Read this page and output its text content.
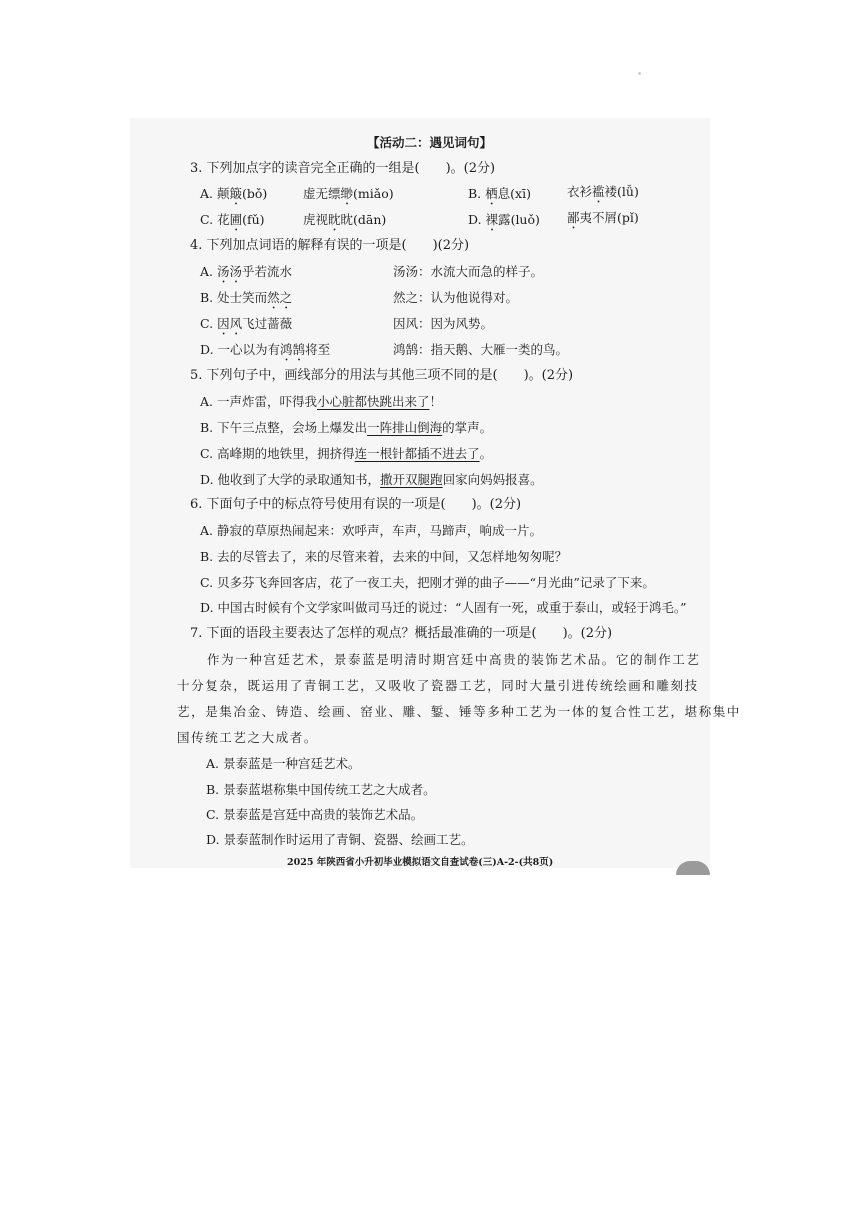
【活动二：遇见词句】
3. 下列加点字的读音完全正确的一组是(　　)。(2分)
A. 颠簸(bǒ)	虚无缥缈(miǎo)	B. 栖息(xī)	衣衫褴褛(lǚ)
C. 花圃(fǔ)	虎视眈眈(dān)	D. 裸露(luǒ) 鄙夷不屑(pǐ)
4. 下列加点词语的解释有误的一项是(　　)(2分)
A. 汤汤乎若流水	汤汤：水流大而急的样子。
B. 处士笑而然之	然之：认为他说得对。
C. 因风飞过蔷薇	因风：因为风势。
D. 一心以为有鸿鹄将至	鸿鹄：指天鹅、大雁一类的鸟。
5. 下列句子中，画线部分的用法与其他三项不同的是(　　)。(2分)
A. 一声炸雷，吓得我小心脏都快跳出来了！
B. 下午三点整，会场上爆发出一阵排山倒海的掌声。
C. 高峰期的地铁里，拥挤得连一根针都插不进去了。
D. 他收到了大学的录取通知书，撒开双腿跑回家向妈妈报喜。
6. 下面句子中的标点符号使用有误的一项是(　　)。(2分)
A. 静寂的草原热闹起来：欢呼声，车声，马蹄声，响成一片。
B. 去的尽管去了，来的尽管来着，去来的中间，又怎样地匆匆呢？
C. 贝多芬飞奔回客店，花了一夜工夫，把刚才弹的曲子——“月光曲”记录了下来。
D. 中国古时候有个文学家叫做司马迁的说过：“人固有一死，或重于泰山，或轻于鸿毛。”
7. 下面的语段主要表达了怎样的观点？概括最准确的一项是(　　)。(2分)
作为一种宫廷艺术，景泰蓝是明清时期宫廷中高贵的装饰艺术品。它的制作工艺
十分复杂，既运用了青铜工艺，又吸收了瓷器工艺，同时大量引进传统绘画和雕刻技
艺，是集冶金、铸造、绘画、窑业、雕、錾、锤等多种工艺为一体的复合性工艺，堪称集中
国传统工艺之大成者。
A. 景泰蓝是一种宫廷艺术。
B. 景泰蓝堪称集中国传统工艺之大成者。
C. 景泰蓝是宫廷中高贵的装饰艺术品。
D. 景泰蓝制作时运用了青铜、瓷器、绘画工艺。
2025 年陕西省小升初毕业模拟语文自查试卷(三)A-2-(共8页)
